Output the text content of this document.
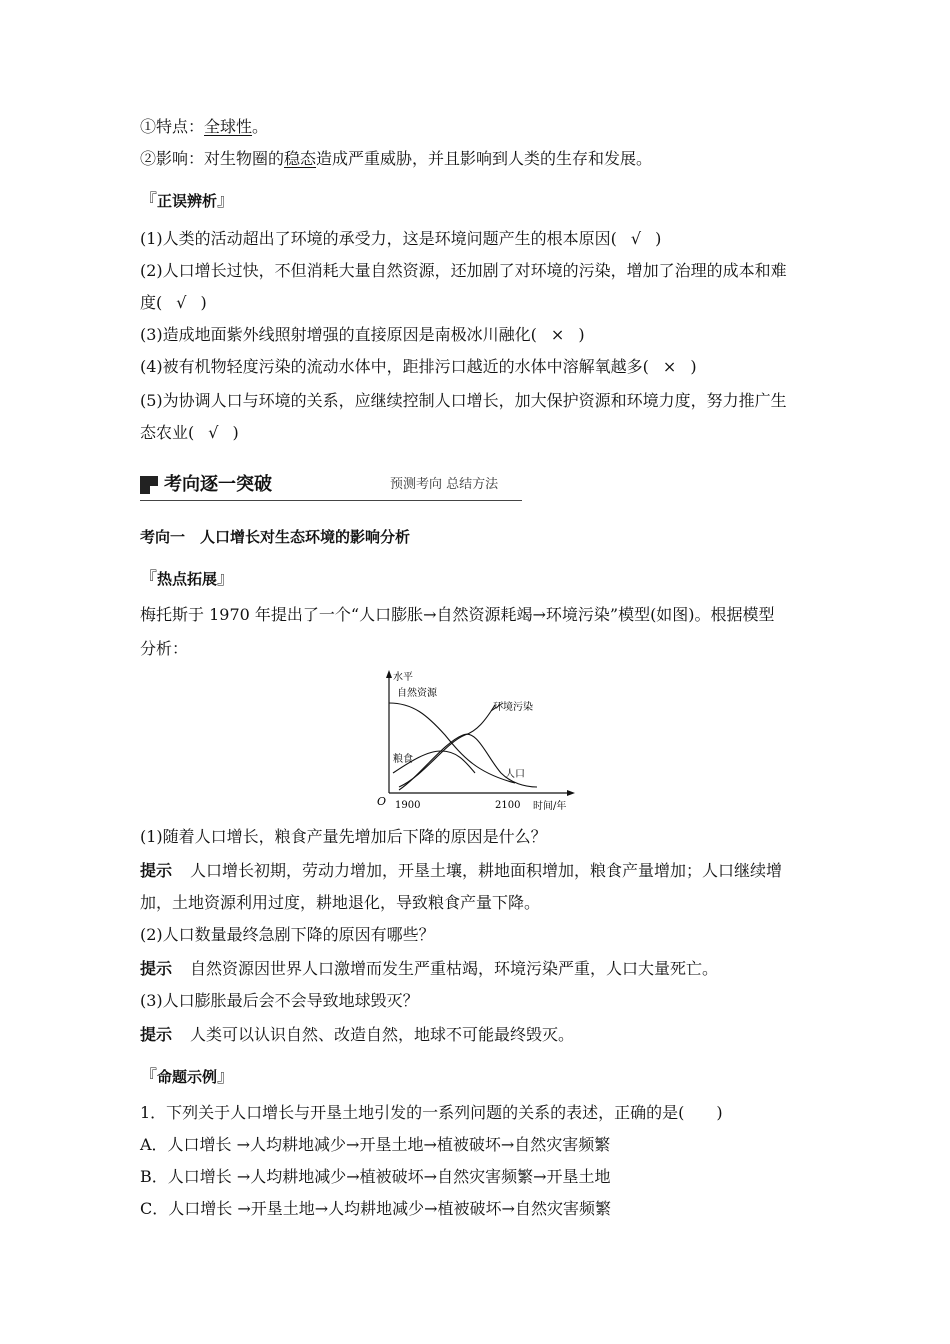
①特点：全球性。
②影响：对生物圈的稳态造成严重威胁，并且影响到人类的生存和发展。
『正误辨析』
(1)人类的活动超出了环境的承受力，这是环境问题产生的根本原因( √ )
(2)人口增长过快，不但消耗大量自然资源，还加剧了对环境的污染，增加了治理的成本和难
度( √ )
(3)造成地面紫外线照射增强的直接原因是南极冰川融化( × )
(4)被有机物轻度污染的流动水体中，距排污口越近的水体中溶解氧越多( × )
(5)为协调人口与环境的关系，应继续控制人口增长，加大保护资源和环境力度，努力推广生
态农业( √ )
考向逐一突破	预测考向 总结方法
考向一　人口增长对生态环境的影响分析
『热点拓展』
梅托斯于 1970 年提出了一个“人口膨胀→自然资源耗竭→环境污染”模型(如图)。根据模型
分析：
水平
时间/年
O 1900	2100
自然资源
环境污染
粮食
人口
(1)随着人口增长，粮食产量先增加后下降的原因是什么？
提示 人口增长初期，劳动力增加，开垦土壤，耕地面积增加，粮食产量增加；人口继续增
加，土地资源利用过度，耕地退化，导致粮食产量下降。
(2)人口数量最终急剧下降的原因有哪些？
提示 自然资源因世界人口激增而发生严重枯竭，环境污染严重，人口大量死亡。
(3)人口膨胀最后会不会导致地球毁灭？
提示 人类可以认识自然、改造自然，地球不可能最终毁灭。
『命题示例』
1．下列关于人口增长与开垦土地引发的一系列问题的关系的表述，正确的是(　　)
A．人口增长 →人均耕地减少→开垦土地→植被破坏→自然灾害频繁
B．人口增长 →人均耕地减少→植被破坏→自然灾害频繁→开垦土地
C．人口增长 →开垦土地→人均耕地减少→植被破坏→自然灾害频繁
